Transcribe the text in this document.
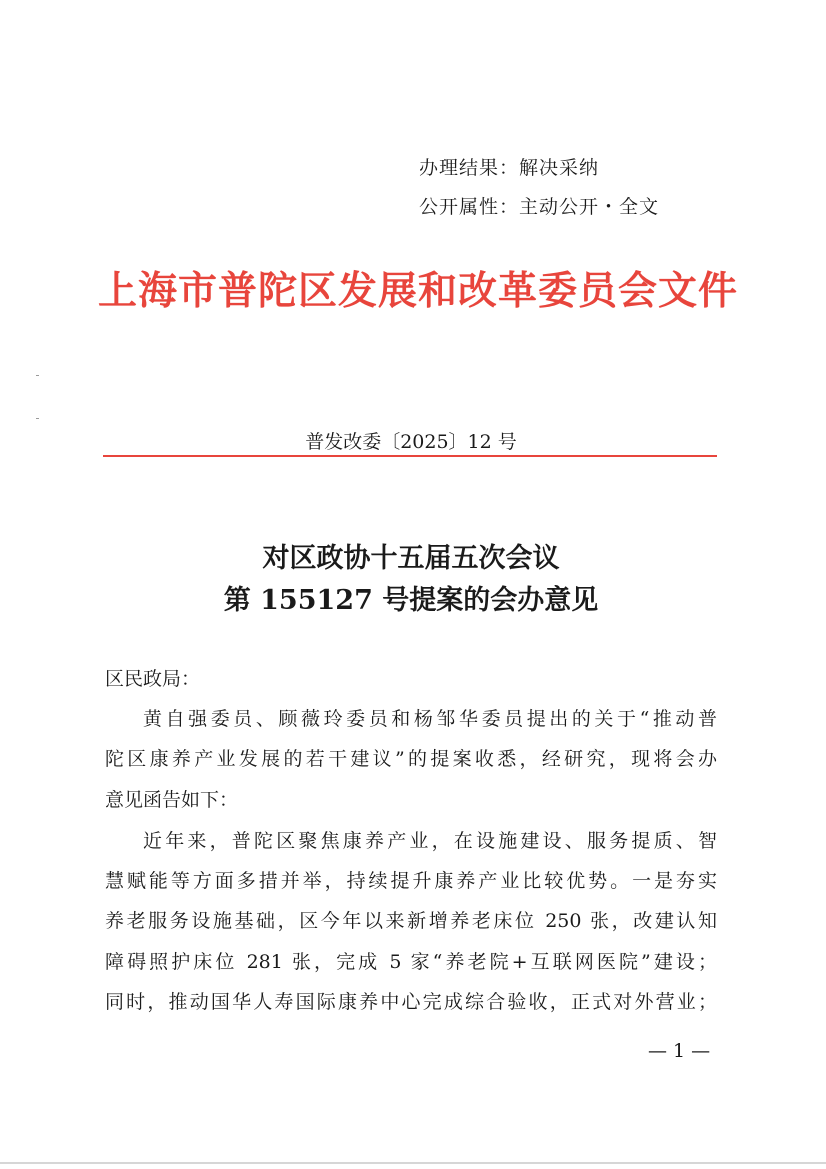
办理结果：解决采纳
公开属性：主动公开・全文
上海市普陀区发展和改革委员会文件
普发改委〔2025〕12 号
对区政协十五届五次会议
第 155127 号提案的会办意见
区民政局：
黄自强委员、顾薇玲委员和杨邹华委员提出的关于“推动普
陀区康养产业发展的若干建议”的提案收悉，经研究，现将会办
意见函告如下：
近年来，普陀区聚焦康养产业，在设施建设、服务提质、智
慧赋能等方面多措并举，持续提升康养产业比较优势。一是夯实
养老服务设施基础，区今年以来新增养老床位 250 张，改建认知
障碍照护床位 281 张，完成 5 家“养老院+互联网医院”建设；
同时，推动国华人寿国际康养中心完成综合验收，正式对外营业；
— 1 —
